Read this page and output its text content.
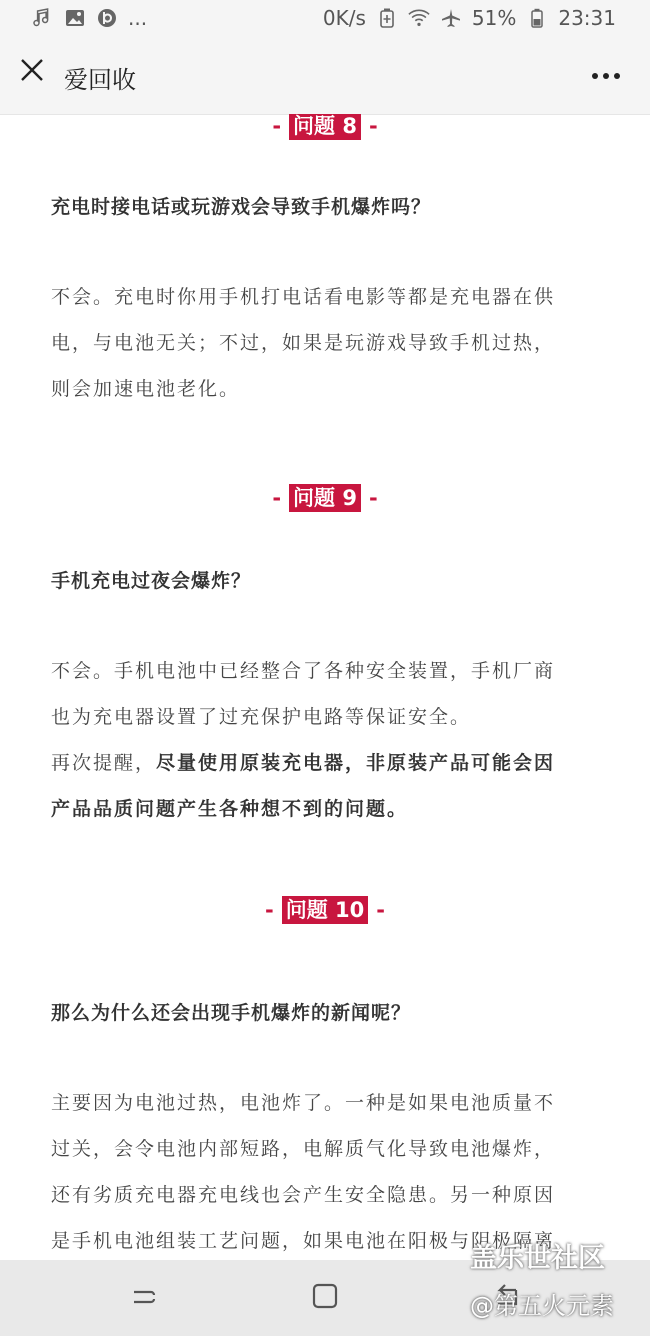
...	0K/s	51% 23:31
爱回收
- 问题 8 -
充电时接电话或玩游戏会导致手机爆炸吗？

不会。充电时你用手机打电话看电影等都是充电器在供
电，与电池无关；不过，如果是玩游戏导致手机过热，
则会加速电池老化。

- 问题 9 -
手机充电过夜会爆炸？

不会。手机电池中已经整合了各种安全装置，手机厂商
也为充电器设置了过充保护电路等保证安全。
再次提醒，尽量使用原装充电器，非原装产品可能会因
产品品质问题产生各种想不到的问题。

- 问题 10 -
那么为什么还会出现手机爆炸的新闻呢？

主要因为电池过热，电池炸了。一种是如果电池质量不
过关，会令电池内部短路，电解质气化导致电池爆炸，
还有劣质充电器充电线也会产生安全隐患。另一种原因
是手机电池组装工艺问题，如果电池在阳极与阴极隔离

盖乐世社区
@第五火元素
